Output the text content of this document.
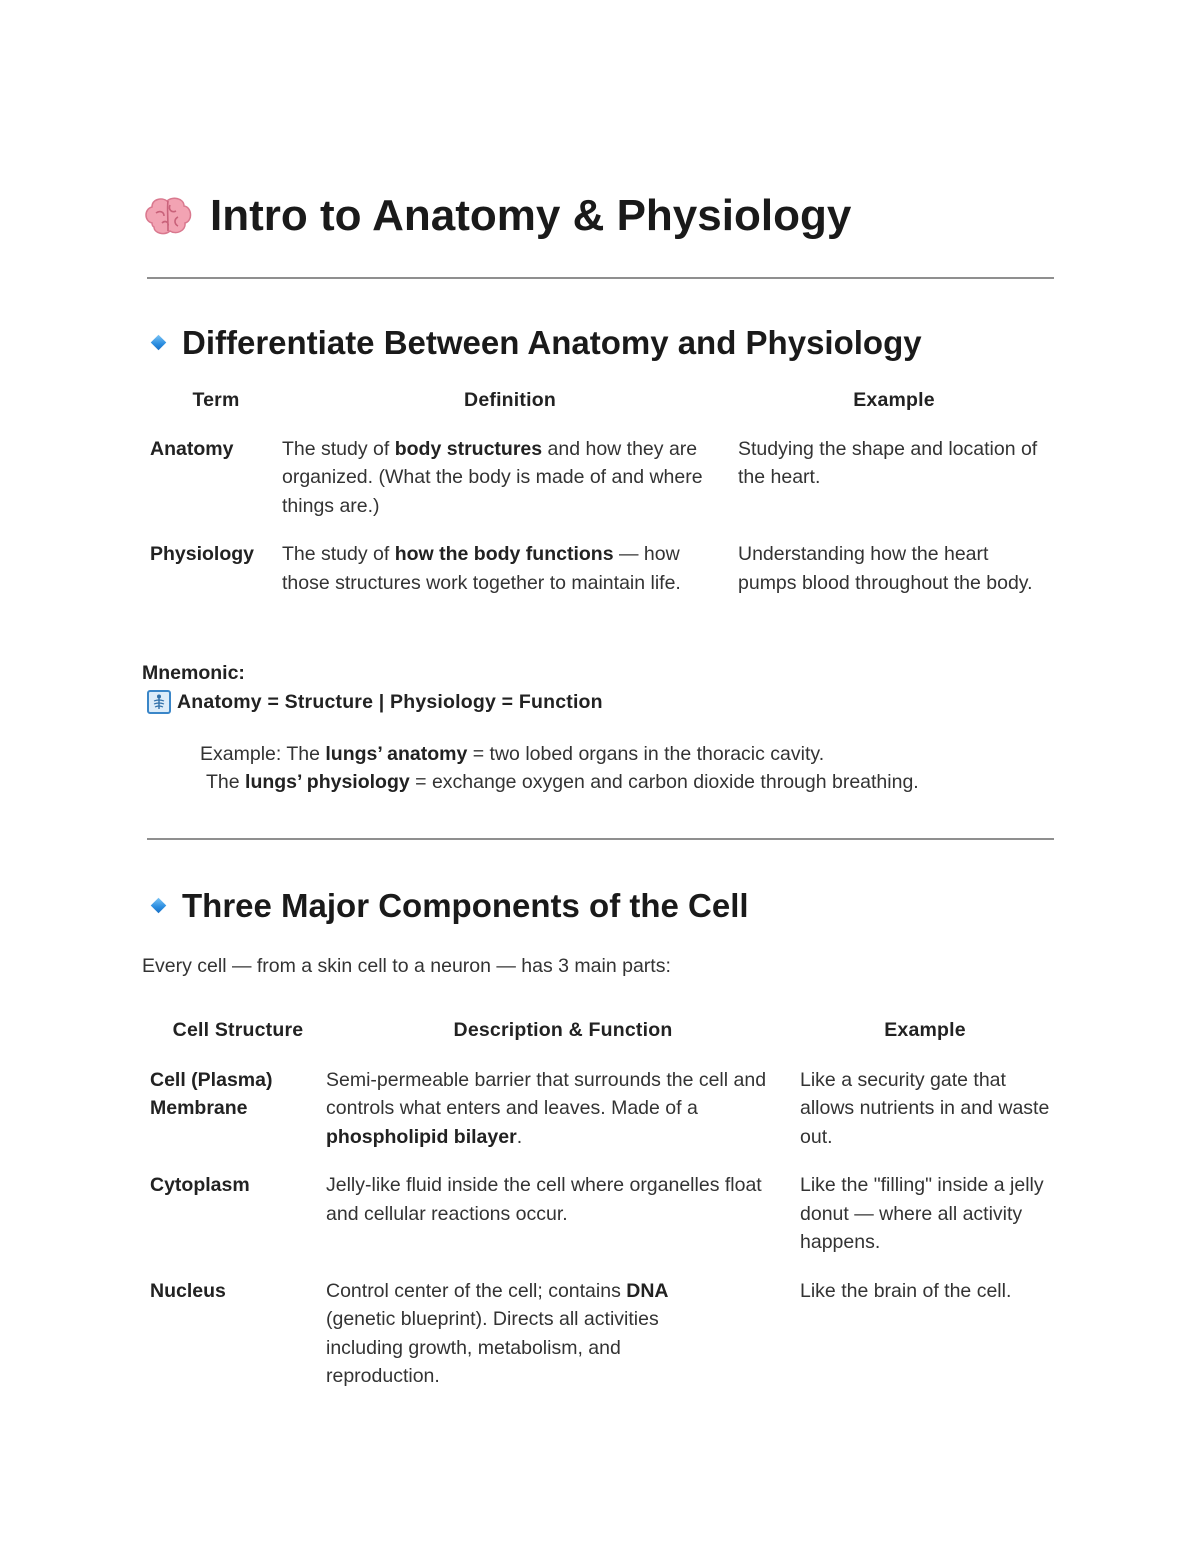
Intro to Anatomy & Physiology
Differentiate Between Anatomy and Physiology
Term	Definition	Example

Anatomy	The study of body structures and how they are organized. (What the body is made of and where things are.)	Studying the shape and location of the heart.

Physiology	The study of how the body functions — how those structures work together to maintain life.	Understanding how the heart pumps blood throughout the body.
Mnemonic:
Anatomy = Structure | Physiology = Function
Example: The lungs’ anatomy = two lobed organs in the thoracic cavity.
The lungs’ physiology = exchange oxygen and carbon dioxide through breathing.
Three Major Components of the Cell
Every cell — from a skin cell to a neuron — has 3 main parts:
Cell Structure	Description & Function	Example

Cell (Plasma) Membrane	Semi-permeable barrier that surrounds the cell and controls what enters and leaves. Made of a phospholipid bilayer.	Like a security gate that allows nutrients in and waste out.

Cytoplasm	Jelly-like fluid inside the cell where organelles float and cellular reactions occur.	Like the "filling" inside a jelly donut — where all activity happens.

Nucleus	Control center of the cell; contains DNA (genetic blueprint). Directs all activities including growth, metabolism, and reproduction.	Like the brain of the cell.
